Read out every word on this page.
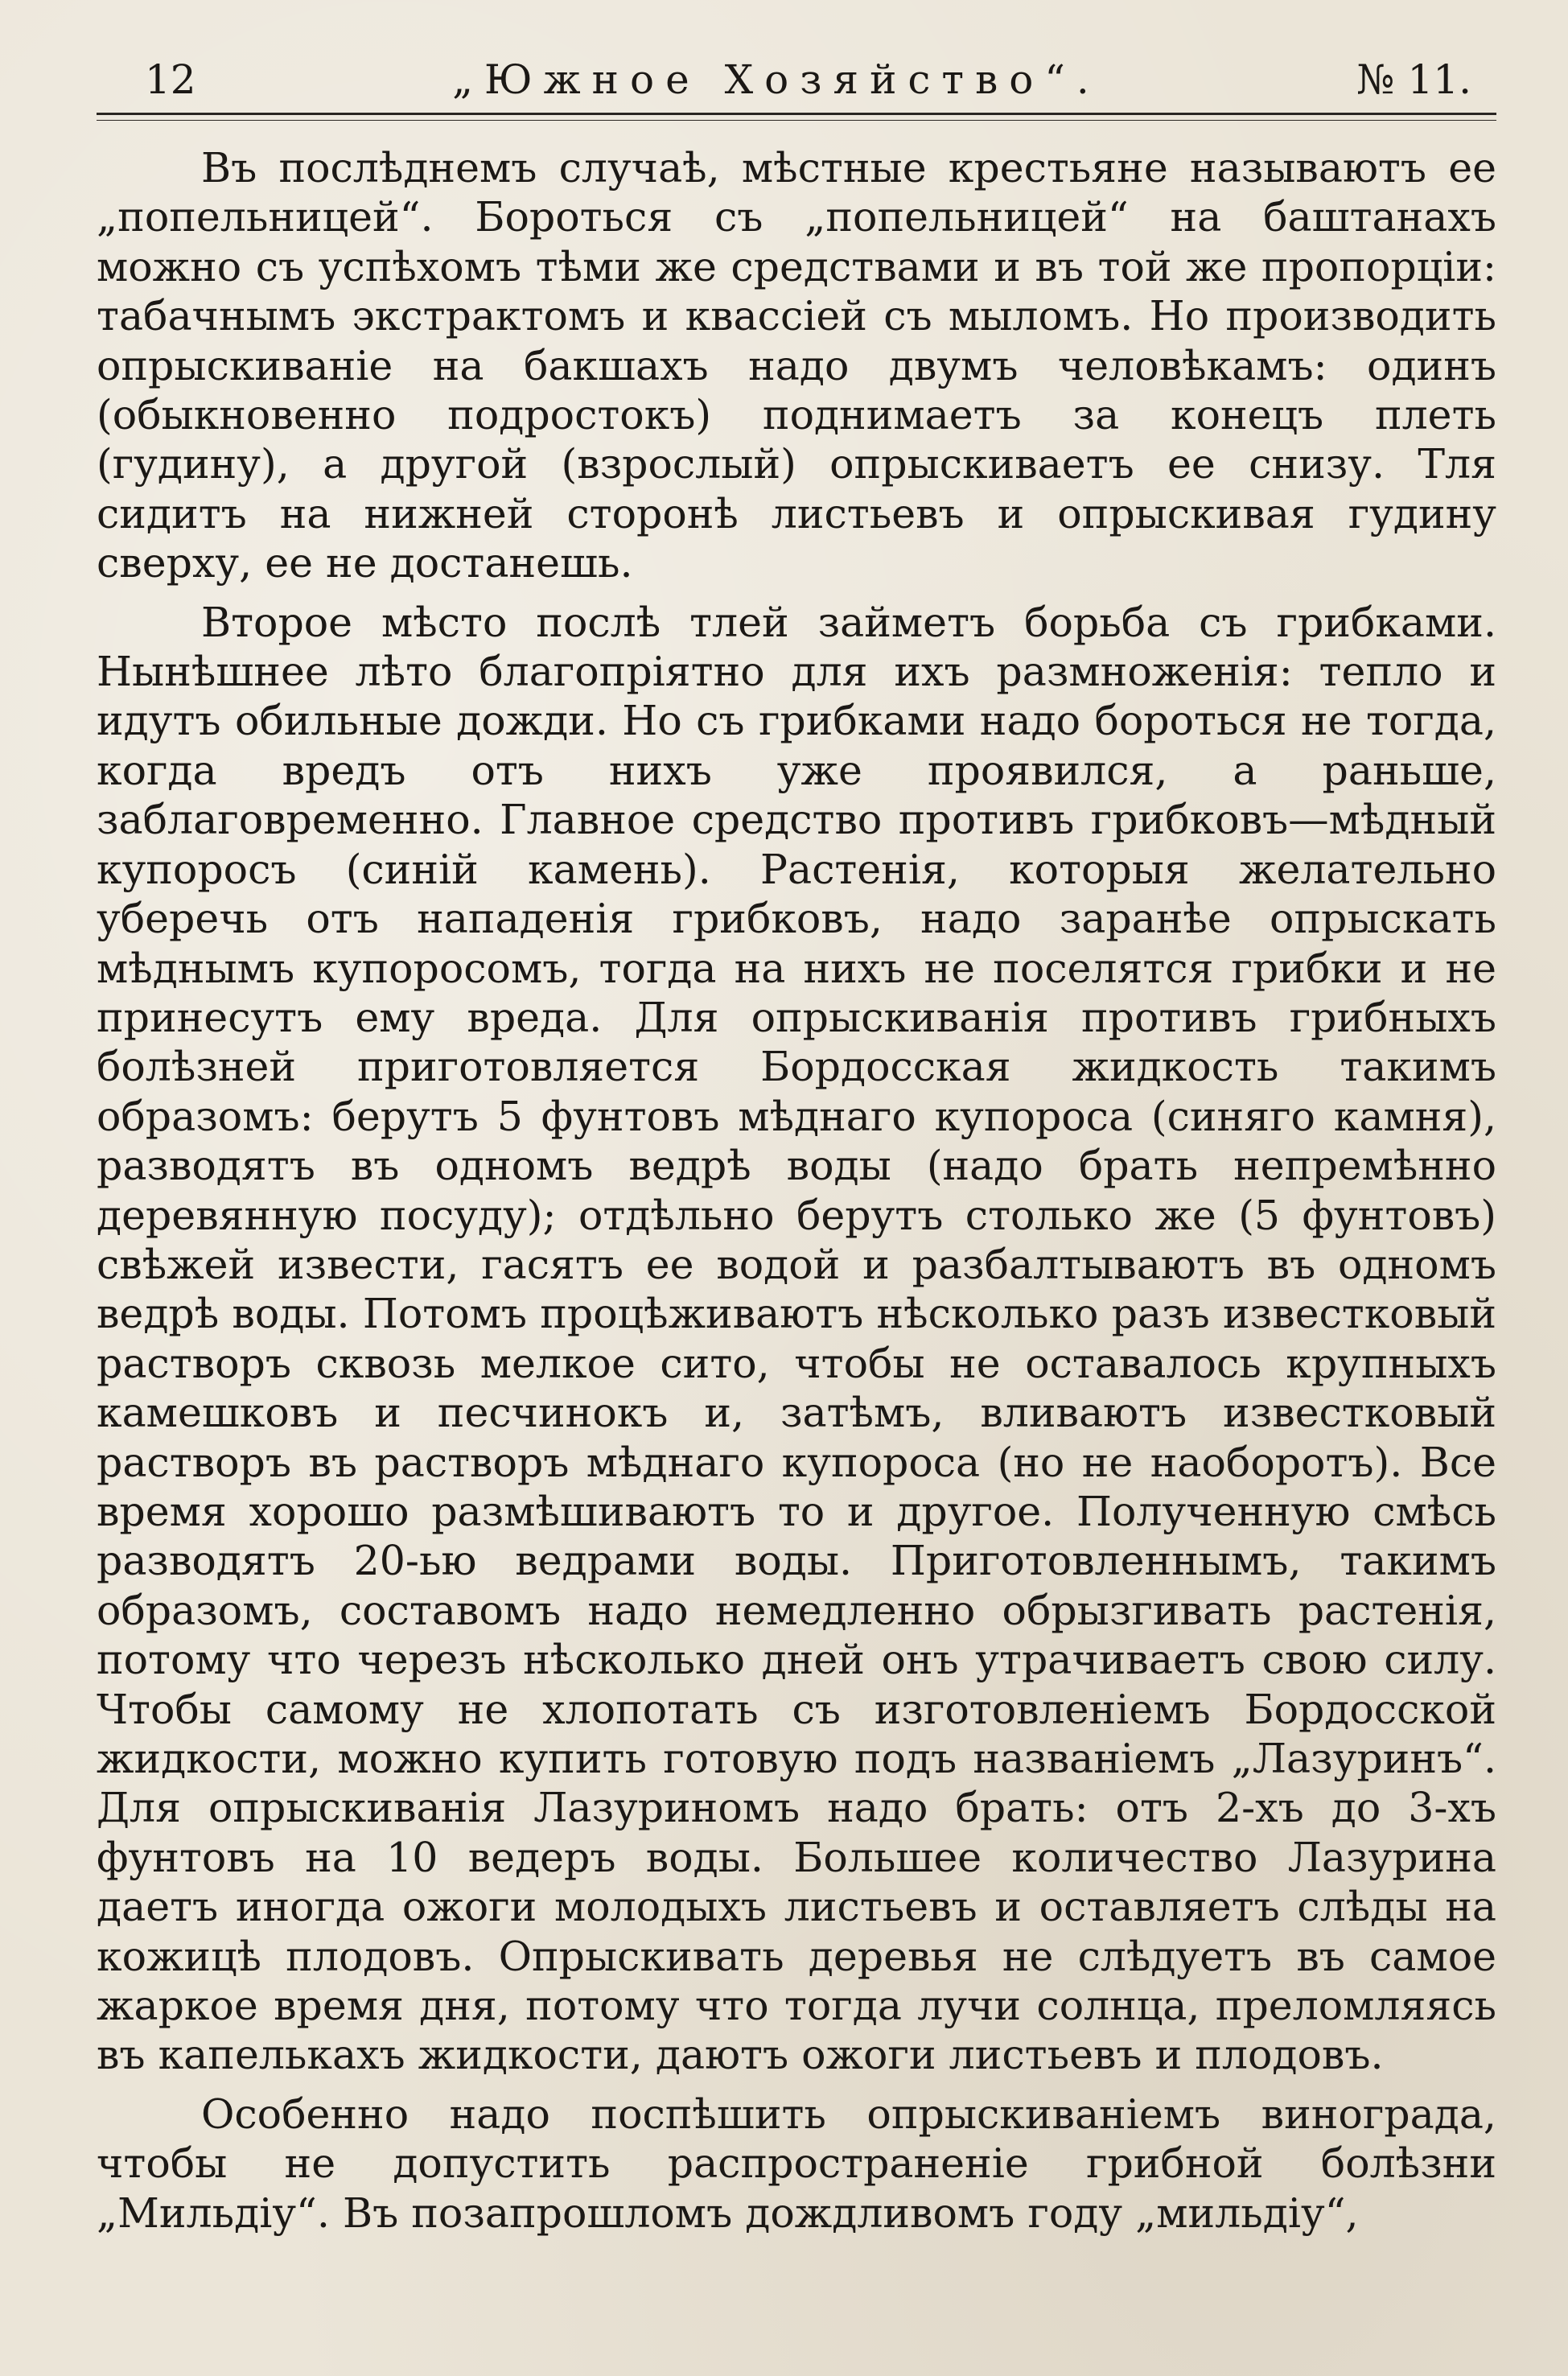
12	„Южное Хозяйство“.	№ 11.

Въ послѣднемъ случаѣ, мѣстные крестьяне называютъ ее „попельницей“. Бороться съ „попельницей“ на баштанахъ можно съ успѣхомъ тѣми же средствами и въ той же пропорціи: табачнымъ экстрактомъ и квассіей съ мыломъ. Но производить опрыскиваніе на бакшахъ надо двумъ человѣкамъ: одинъ (обыкновенно подростокъ) поднимаетъ за конецъ плеть (гудину), а другой (взрослый) опрыскиваетъ ее снизу. Тля сидитъ на нижней сторонѣ листьевъ и опрыскивая гудину сверху, ее не достанешь.

Второе мѣсто послѣ тлей займетъ борьба съ грибками. Нынѣшнее лѣто благопріятно для ихъ размноженія: тепло и идутъ обильные дожди. Но съ грибками надо бороться не тогда, когда вредъ отъ нихъ уже проявился, а раньше, заблаговременно. Главное средство противъ грибковъ—мѣдный купоросъ (синій камень). Растенія, которыя желательно уберечь отъ нападенія грибковъ, надо заранѣе опрыскать мѣднымъ купоросомъ, тогда на нихъ не поселятся грибки и не принесутъ ему вреда. Для опрыскиванія противъ грибныхъ болѣзней приготовляется Бордосская жидкость такимъ образомъ: берутъ 5 фунтовъ мѣднаго купороса (синяго камня), разводятъ въ одномъ ведрѣ воды (надо брать непремѣнно деревянную посуду); отдѣльно берутъ столько же (5 фунтовъ) свѣжей извести, гасятъ ее водой и разбалтываютъ въ одномъ ведрѣ воды. Потомъ процѣживаютъ нѣсколько разъ известковый растворъ сквозь мелкое сито, чтобы не оставалось крупныхъ камешковъ и песчинокъ и, затѣмъ, вливаютъ известковый растворъ въ растворъ мѣднаго купороса (но не наоборотъ). Все время хорошо размѣшиваютъ то и другое. Полученную смѣсь разводятъ 20-ью ведрами воды. Приготовленнымъ, такимъ образомъ, составомъ надо немедленно обрызгивать растенія, потому что черезъ нѣсколько дней онъ утрачиваетъ свою силу. Чтобы самому не хлопотать съ изготовленіемъ Бордосской жидкости, можно купить готовую подъ названіемъ „Лазуринъ“. Для опрыскиванія Лазуриномъ надо брать: отъ 2-хъ до 3-хъ фунтовъ на 10 ведеръ воды. Большее количество Лазурина даетъ иногда ожоги молодыхъ листьевъ и оставляетъ слѣды на кожицѣ плодовъ. Опрыскивать деревья не слѣдуетъ въ самое жаркое время дня, потому что тогда лучи солнца, преломляясь въ капелькахъ жидкости, даютъ ожоги листьевъ и плодовъ.

Особенно надо поспѣшить опрыскиваніемъ винограда, чтобы не допустить распространеніе грибной болѣзни „Мильдіу“. Въ позапрошломъ дождливомъ году „мильдіу“,
